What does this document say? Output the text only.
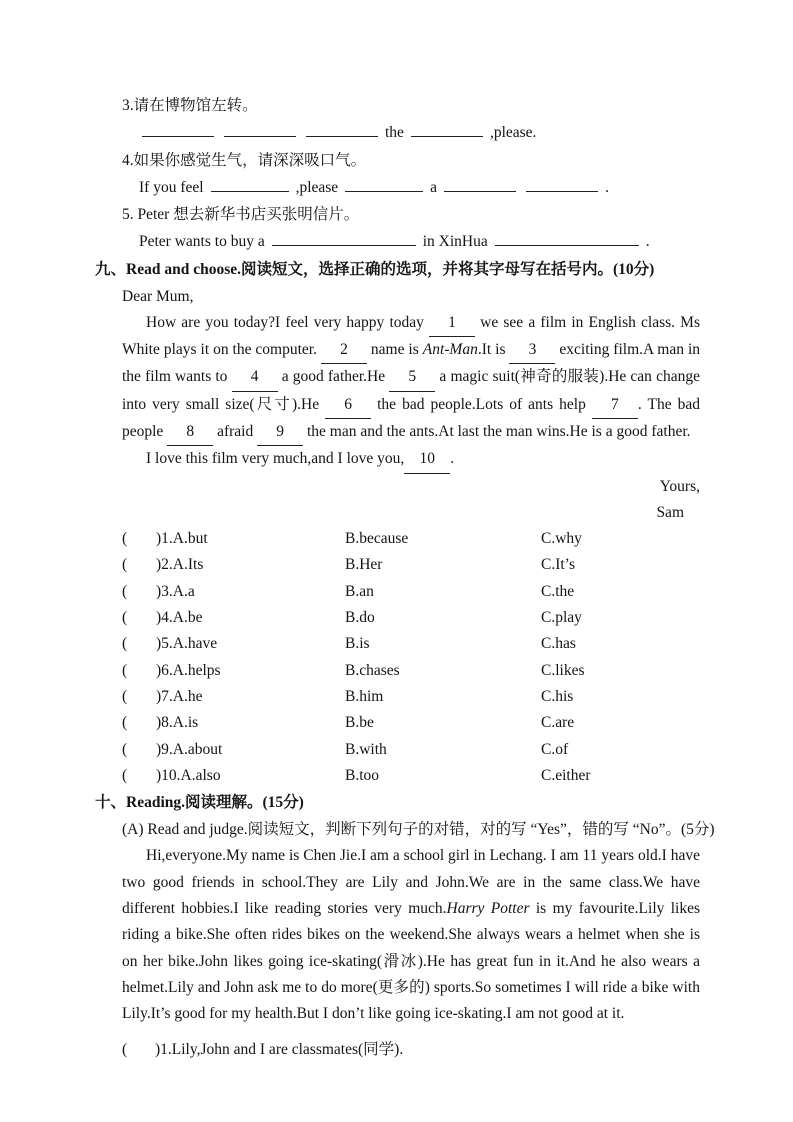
3.请在博物馆左转。

the	,please.

4.如果你感觉生气，请深深吸口气。

If you feel	,please	a	.

5. Peter 想去新华书店买张明信片。

Peter wants to buy a	in XinHua	.

九、Read and choose.阅读短文，选择正确的选项，并将其字母写在括号内。(10分)

Dear Mum,

How are you today?I feel very happy today 1 we see a film in English class. Ms White plays it on the computer. 2 name is Ant-Man.It is 3 exciting film.A man in the film wants to 4 a good father.He 5 a magic suit(神奇的服装).He can change into very small size(尺寸).He 6 the bad people.Lots of ants help 7 . The bad people 8 afraid 9 the man and the ants.At last the man wins.He is a good father.

I love this film very much,and I love you, 10 .

Yours,

Sam

(	)1.A.but	B.because	C.why
(	)2.A.Its	B.Her	C.It’s
(	)3.A.a	B.an	C.the
(	)4.A.be	B.do	C.play
(	)5.A.have	B.is	C.has
(	)6.A.helps	B.chases	C.likes
(	)7.A.he	B.him	C.his
(	)8.A.is	B.be	C.are
(	)9.A.about	B.with	C.of
(	)10.A.also	B.too	C.either
十、Reading.阅读理解。(15分)

(A) Read and judge.阅读短文，判断下列句子的对错，对的写 “Yes”，错的写 “No”。(5分)

Hi,everyone.My name is Chen Jie.I am a school girl in Lechang. I am 11 years old.I have two good friends in school.They are Lily and John.We are in the same class.We have different hobbies.I like reading stories very much.Harry Potter is my favourite.Lily likes riding a bike.She often rides bikes on the weekend.She always wears a helmet when she is on her bike.John likes going ice-skating(滑冰).He has great fun in it.And he also wears a helmet.Lily and John ask me to do more(更多的) sports.So sometimes I will ride a bike with Lily.It’s good for my health.But I don’t like going ice-skating.I am not good at it.

( )1.Lily,John and I are classmates(同学).
